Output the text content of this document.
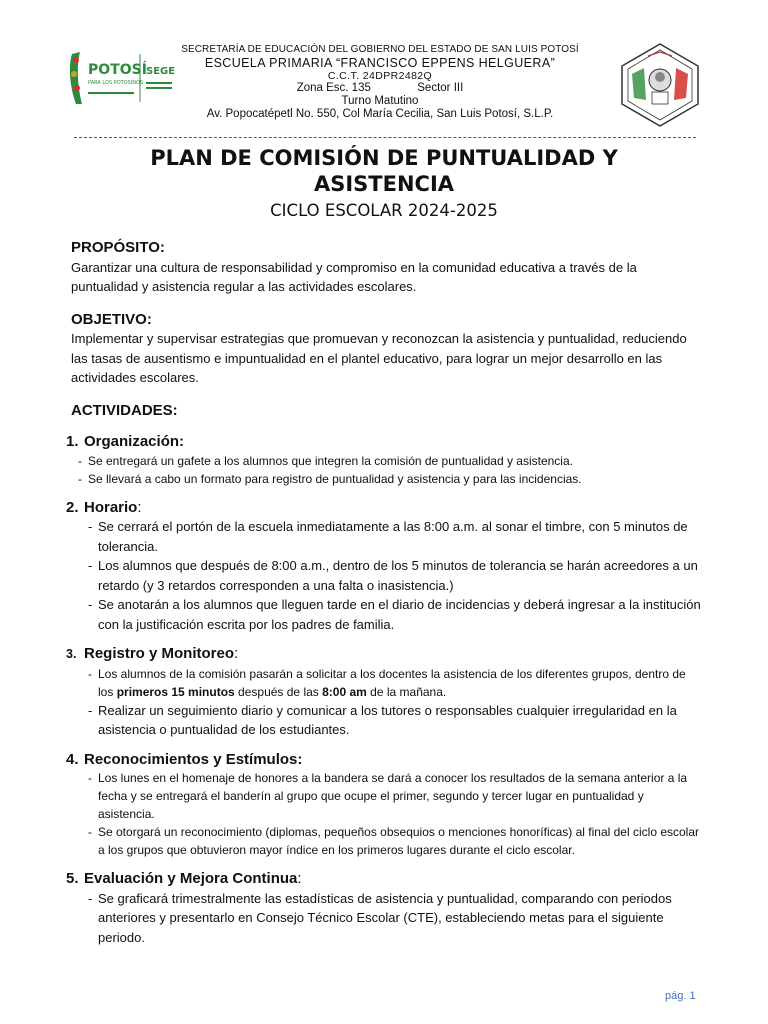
POTOSÍ
PARA LOS POTOSINOS
SEGE
SECRETARÍA DE EDUCACIÓN DEL GOBIERNO DEL ESTADO DE SAN LUIS POTOSÍ
ESCUELA PRIMARIA “FRANCISCO EPPENS HELGUERA”
C.C.T. 24DPR2482Q
Zona Esc. 135	Sector III
Turno Matutino
Av. Popocatépetl No. 550, Col María Cecilia, San Luis Potosí, S.L.P.
PLAN DE COMISIÓN DE PUNTUALIDAD Y ASISTENCIA
CICLO ESCOLAR 2024-2025
PROPÓSITO:

Garantizar una cultura de responsabilidad y compromiso en la comunidad educativa a través de la puntualidad y asistencia regular a las actividades escolares.

OBJETIVO:

Implementar y supervisar estrategias que promuevan y reconozcan la asistencia y puntualidad, reduciendo las tasas de ausentismo e impuntualidad en el plantel educativo, para lograr un mejor desarrollo en las actividades escolares.

ACTIVIDADES:
1. Organización:
- Se entregará un gafete a los alumnos que integren la comisión de puntualidad y asistencia.
- Se llevará a cabo un formato para registro de puntualidad y asistencia y para las incidencias.
2. Horario :
- Se cerrará el portón de la escuela inmediatamente a las 8:00 a.m. al sonar el timbre, con 5 minutos de tolerancia.
- Los alumnos que después de 8:00 a.m., dentro de los 5 minutos de tolerancia se harán acreedores a un retardo (y 3 retardos corresponden a una falta o inasistencia.)
- Se anotarán a los alumnos que lleguen tarde en el diario de incidencias y deberá ingresar a la institución con la justificación escrita por los padres de familia.
3. Registro y Monitoreo :
- Los alumnos de la comisión pasarán a solicitar a los docentes la asistencia de los diferentes grupos, dentro de los primeros 15 minutos después de las 8:00 am de la mañana.
- Realizar un seguimiento diario y comunicar a los tutores o responsables cualquier irregularidad en la asistencia o puntualidad de los estudiantes.
4. Reconocimientos y Estímulos:
- Los lunes en el homenaje de honores a la bandera se dará a conocer los resultados de la semana anterior a la fecha y se entregará el banderín al grupo que ocupe el primer, segundo y tercer lugar en puntualidad y asistencia.
- Se otorgará un reconocimiento (diplomas, pequeños obsequios o menciones honoríficas) al final del ciclo escolar a los grupos que obtuvieron mayor índice en los primeros lugares durante el ciclo escolar.
5. Evaluación y Mejora Continua :
- Se graficará trimestralmente las estadísticas de asistencia y puntualidad, comparando con periodos anteriores y presentarlo en Consejo Técnico Escolar (CTE), estableciendo metas para el siguiente periodo.
pág. 1
